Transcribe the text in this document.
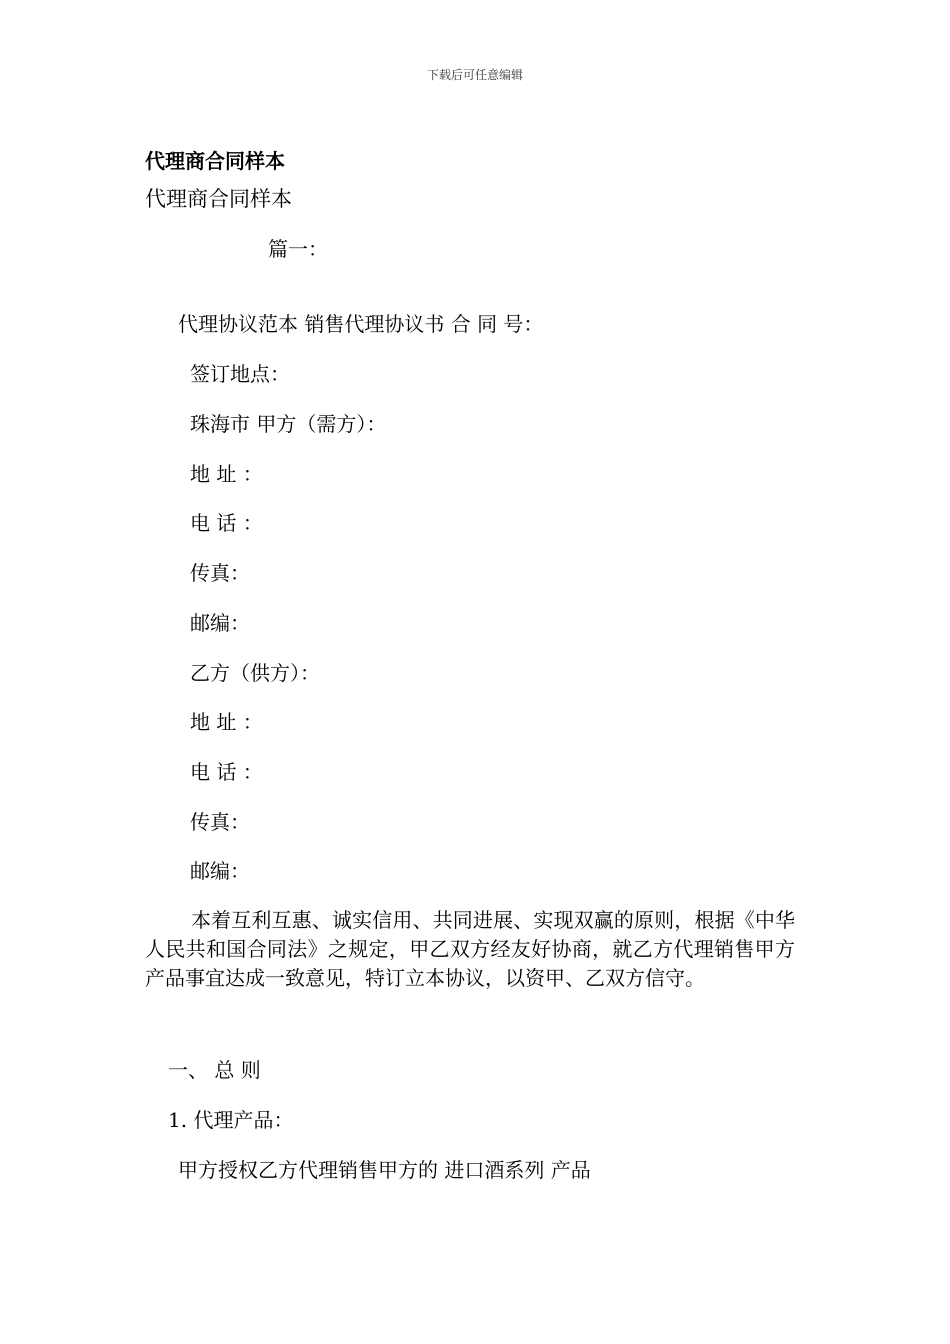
下载后可任意编辑
代理商合同样本
代理商合同样本
篇一：
代理协议范本 销售代理协议书 合 同 号：
签订地点：
珠海市 甲方（需方）：
地 址 ：
电 话 ：
传真：
邮编：
乙方（供方）：
地 址 ：
电 话 ：
传真：
邮编：
本着互利互惠、诚实信用、共同进展、实现双赢的原则，根据《中华人民共和国合同法》之规定，甲乙双方经友好协商，就乙方代理销售甲方产品事宜达成一致意见，特订立本协议，以资甲、乙双方信守。
一、 总 则
1. 代理产品：
甲方授权乙方代理销售甲方的 进口酒系列 产品
